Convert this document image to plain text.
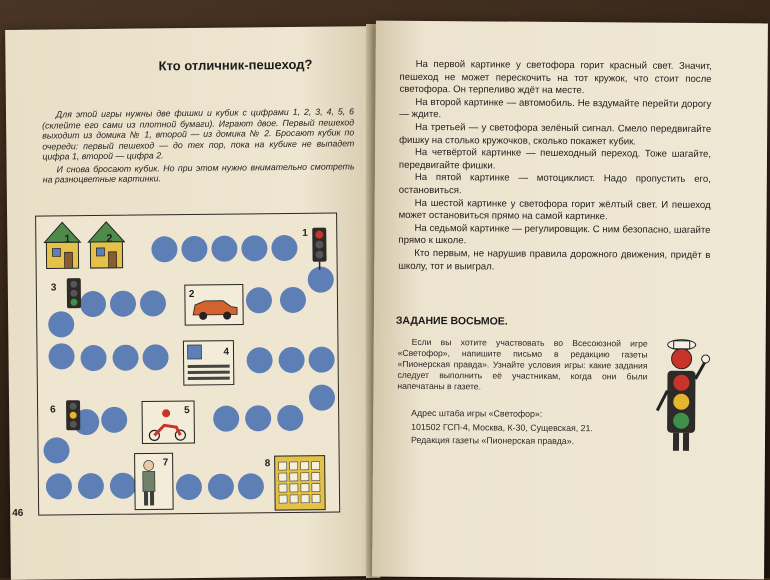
Кто отличник-пешеход?

Для этой игры нужны две фишки и кубик с цифрами 1, 2, 3, 4, 5, 6 (склейте его сами из плотной бумаги). Играют двое. Первый пешеход выходит из домика № 1, второй — из домика № 2. Бросают кубик по очереди: первый пешеход — до тех пор, пока на кубике не выпадет цифра 1, второй — цифра 2.

И снова бросают кубик. Но при этом нужно внимательно смотреть на разноцветные картинки.

1	2	1
3
2
4
6	5
7	8
46

На первой картинке у светофора горит красный свет. Значит, пешеход не может перескочить на тот кружок, что стоит после светофора. Он терпеливо ждёт на месте.

На второй картинке — автомобиль. Не вздумайте перейти дорогу — ждите.

На третьей — у светофора зелёный сигнал. Смело передвигайте фишку на столько кружочков, сколько покажет кубик.

На четвёртой картинке — пешеходный переход. Тоже шагайте, передвигайте фишки.

На пятой картинке — мотоциклист. Надо пропустить его, остановиться.

На шестой картинке у светофора горит жёлтый свет. И пешеход может остановиться прямо на самой картинке.

На седьмой картинке — регулировщик. С ним безопасно, шагайте прямо к школе.

Кто первым, не нарушив правила дорожного движения, придёт в школу, тот и выиграл.

ЗАДАНИЕ ВОСЬМОЕ.

Если вы хотите участвовать во Всесоюзной игре «Светофор», напишите письмо в редакцию газеты «Пионерская правда». Узнайте условия игры: какие задания следует выполнить её участникам, когда они были напечатаны в газете.

Адрес штаба игры «Светофор»:
101502 ГСП-4, Москва, К-30, Сущевская, 21.
Редакция газеты «Пионерская правда».
